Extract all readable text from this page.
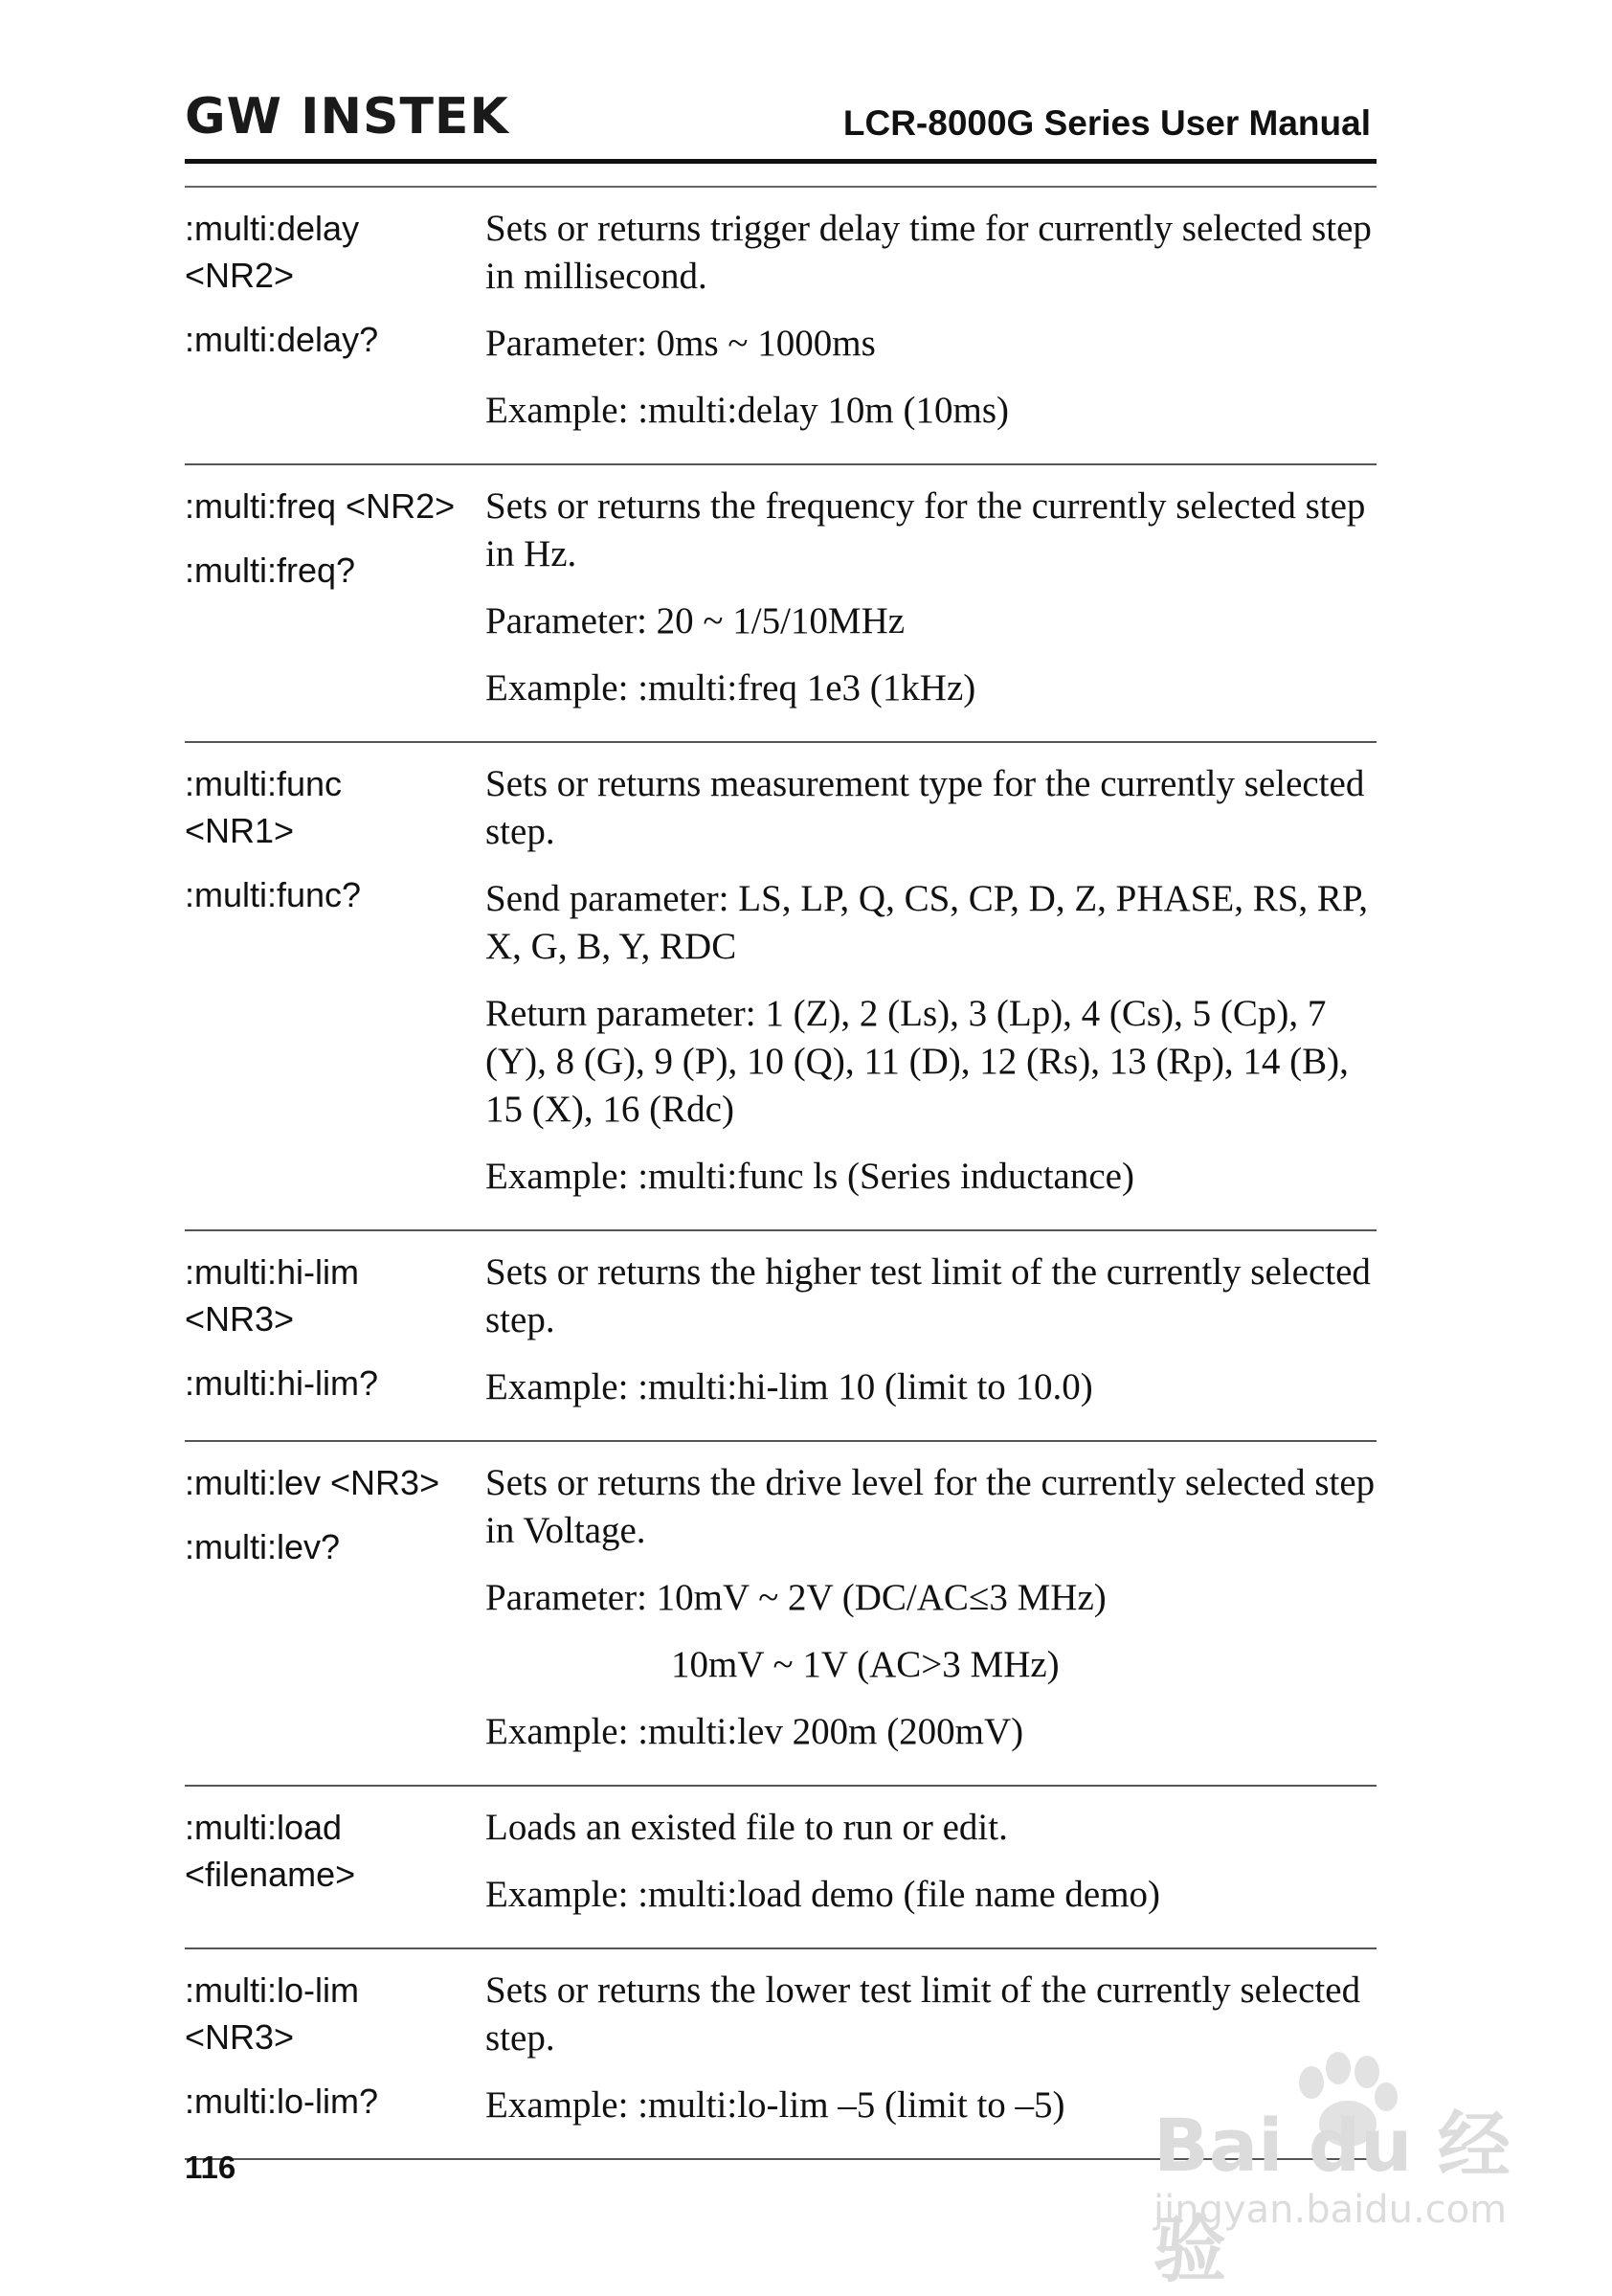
GW INSTEK	LCR-8000G Series User Manual
:multi:delay
<NR2>
:multi:delay?

Sets or returns trigger delay time for currently selected step in millisecond.

Parameter: 0ms ~ 1000ms

Example: :multi:delay 10m (10ms)

:multi:freq <NR2>
:multi:freq?

Sets or returns the frequency for the currently selected step in Hz.

Parameter: 20 ~ 1/5/10MHz

Example: :multi:freq 1e3 (1kHz)

:multi:func
<NR1>
:multi:func?

Sets or returns measurement type for the currently selected step.

Send parameter: LS, LP, Q, CS, CP, D, Z, PHASE, RS, RP, X, G, B, Y, RDC

Return parameter: 1 (Z), 2 (Ls), 3 (Lp), 4 (Cs), 5 (Cp), 7 (Y), 8 (G), 9 (P), 10 (Q), 11 (D), 12 (Rs), 13 (Rp), 14 (B), 15 (X), 16 (Rdc)

Example: :multi:func ls (Series inductance)

:multi:hi-lim
<NR3>
:multi:hi-lim?

Sets or returns the higher test limit of the currently selected step.

Example: :multi:hi-lim 10 (limit to 10.0)

:multi:lev <NR3>
:multi:lev?

Sets or returns the drive level for the currently selected step in Voltage.

Parameter: 10mV ~ 2V (DC/AC≤3 MHz)

10mV ~ 1V (AC>3 MHz)

Example: :multi:lev 200m (200mV)

:multi:load
<filename>

Loads an existed file to run or edit.

Example: :multi:load demo (file name demo)

:multi:lo-lim
<NR3>
:multi:lo-lim?

Sets or returns the lower test limit of the currently selected step.

Example: :multi:lo-lim –5 (limit to –5)

116	Bai du 经验
jingyan.baidu.com
